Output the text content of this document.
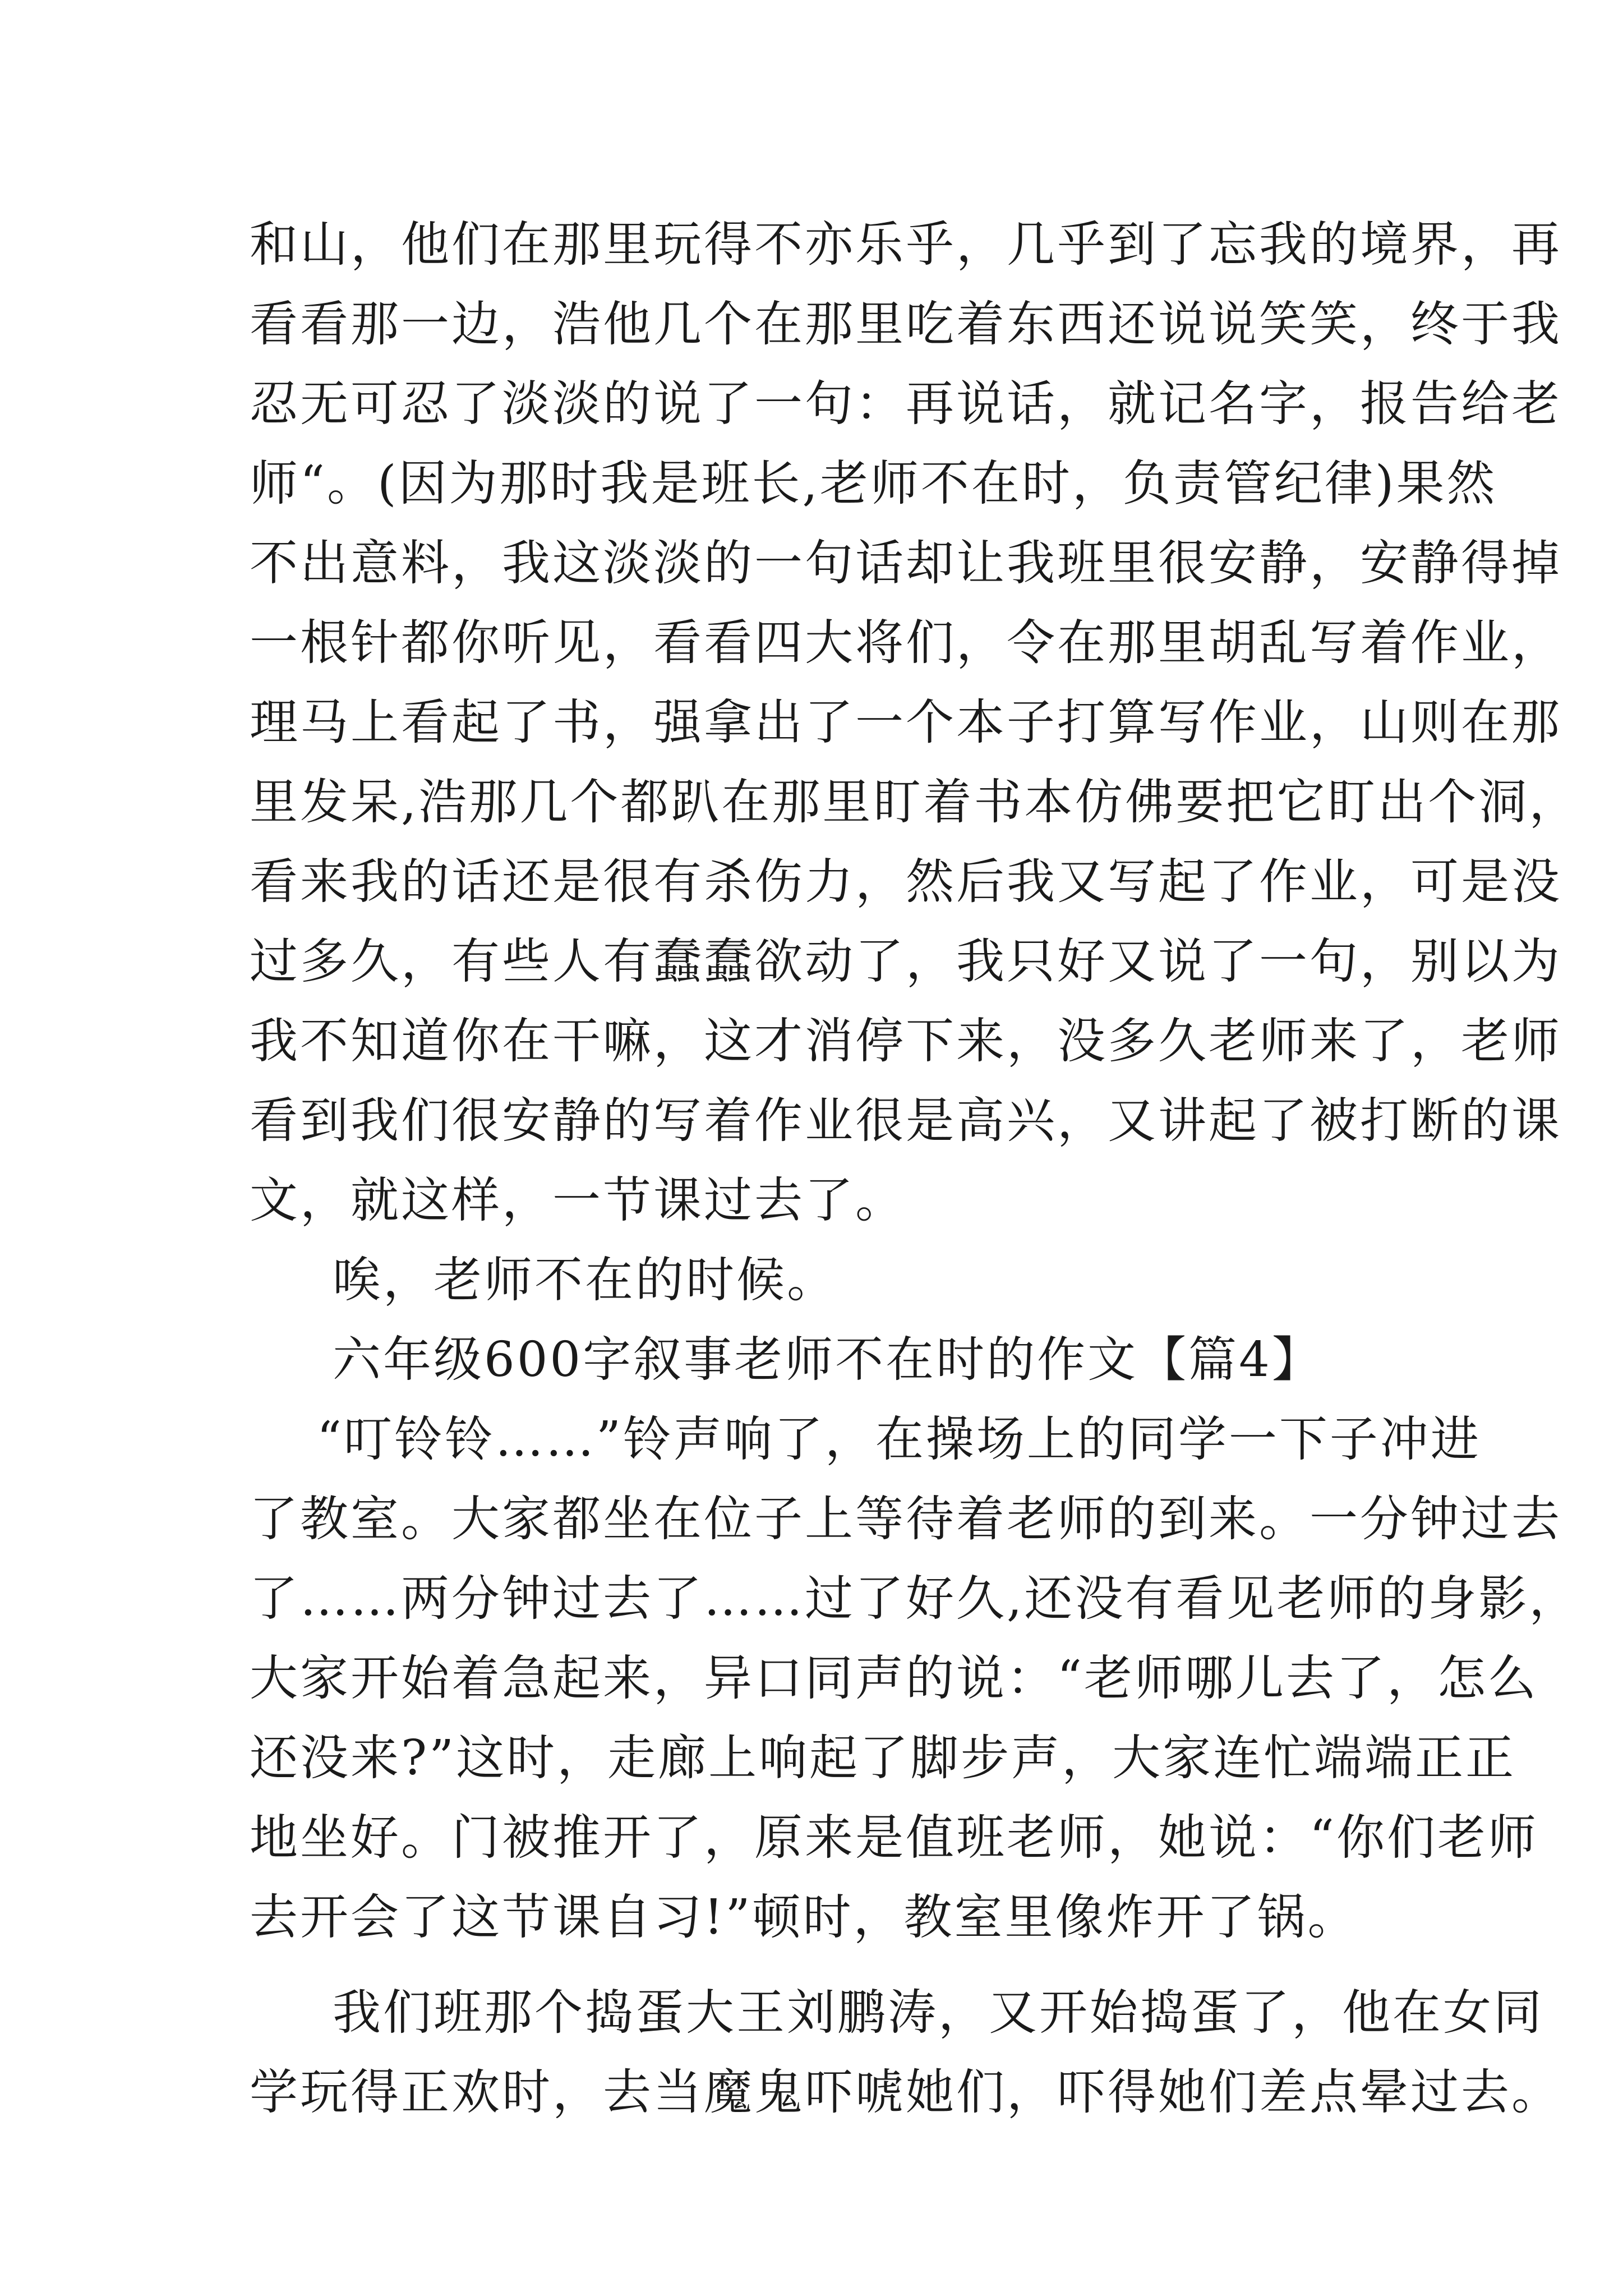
和山，他们在那里玩得不亦乐乎，几乎到了忘我的境界，再
看看那一边，浩他几个在那里吃着东西还说说笑笑，终于我
忍无可忍了淡淡的说了一句：再说话，就记名字，报告给老
师“。(因为那时我是班长,老师不在时，负责管纪律)果然
不出意料，我这淡淡的一句话却让我班里很安静，安静得掉
一根针都你听见，看看四大将们，令在那里胡乱写着作业，
理马上看起了书，强拿出了一个本子打算写作业，山则在那
里发呆,浩那几个都趴在那里盯着书本仿佛要把它盯出个洞，
看来我的话还是很有杀伤力，然后我又写起了作业，可是没
过多久，有些人有蠢蠢欲动了，我只好又说了一句，别以为
我不知道你在干嘛，这才消停下来，没多久老师来了，老师
看到我们很安静的写着作业很是高兴，又讲起了被打断的课
文，就这样，一节课过去了。
唉，老师不在的时候。
六年级600字叙事老师不在时的作文【篇4】
“叮铃铃……”铃声响了，在操场上的同学一下子冲进
了教室。大家都坐在位子上等待着老师的到来。一分钟过去
了……两分钟过去了……过了好久,还没有看见老师的身影，
大家开始着急起来，异口同声的说：“老师哪儿去了，怎么
还没来?”这时，走廊上响起了脚步声，大家连忙端端正正
地坐好。门被推开了，原来是值班老师，她说：“你们老师
去开会了这节课自习!”顿时，教室里像炸开了锅。
我们班那个捣蛋大王刘鹏涛，又开始捣蛋了，他在女同
学玩得正欢时，去当魔鬼吓唬她们，吓得她们差点晕过去。
